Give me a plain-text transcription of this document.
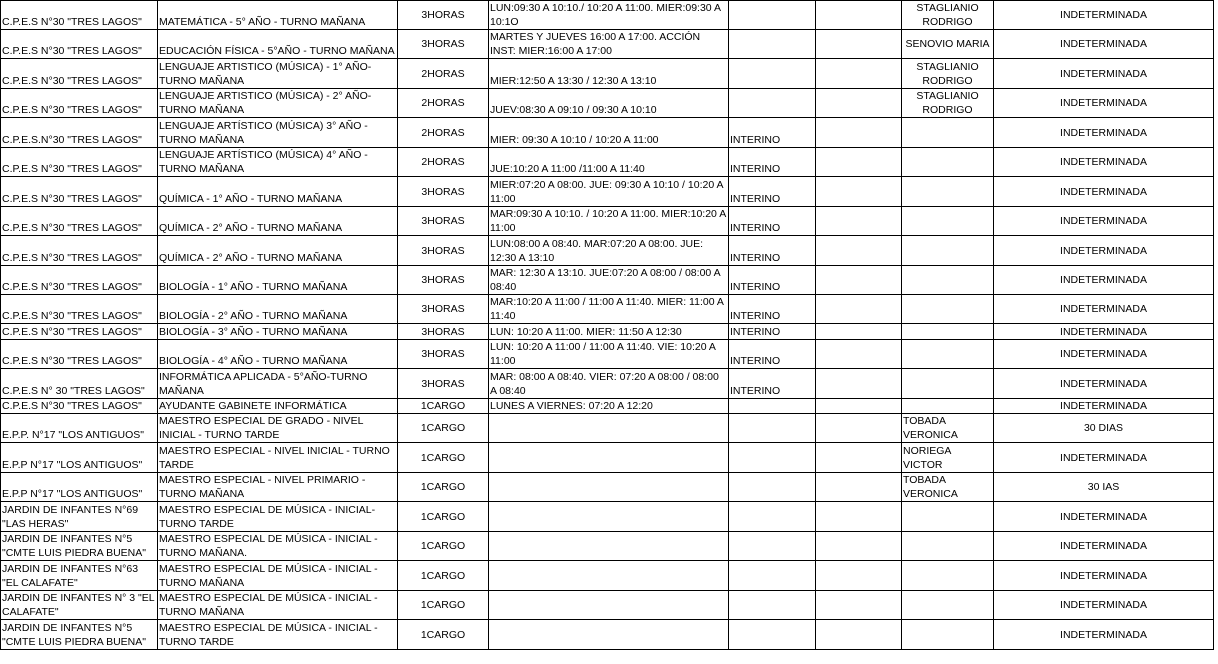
C.P.E.S N°30 "TRES LAGOS"	MATEMÁTICA - 5° AÑO - TURNO MAÑANA	3HORAS	LUN:09:30 A 10:10./ 10:20 A 11:00. MIER:09:30 A 10:1O			STAGLIANIO RODRIGO	INDETERMINADA
C.P.E.S N°30 "TRES LAGOS"	EDUCACIÓN FÍSICA - 5°AÑO - TURNO MAÑANA	3HORAS	MARTES Y JUEVES 16:00 A 17:00. ACCIÓN INST: MIER:16:00 A 17:00			SENOVIO MARIA	INDETERMINADA
C.P.E.S N°30 "TRES LAGOS"	LENGUAJE ARTISTICO (MÚSICA) - 1° AÑO- TURNO MAÑANA	2HORAS	MIER:12:50 A 13:30 / 12:30 A 13:10			STAGLIANIO RODRIGO	INDETERMINADA
C.P.E.S N°30 "TRES LAGOS"	LENGUAJE ARTISTICO (MÚSICA) - 2° AÑO- TURNO MAÑANA	2HORAS	JUEV:08:30 A 09:10 / 09:30 A 10:10			STAGLIANIO RODRIGO	INDETERMINADA
C.P.E.S.N°30 "TRES LAGOS"	LENGUAJE ARTÍSTICO (MÚSICA) 3° AÑO - TURNO MAÑANA	2HORAS	MIER: 09:30 A 10:10 / 10:20 A 11:00	INTERINO			INDETERMINADA
C.P.E.S N°30 "TRES LAGOS"	LENGUAJE ARTÍSTICO (MÚSICA) 4° AÑO - TURNO MAÑANA	2HORAS	JUE:10:20 A 11:00 /11:00 A 11:40	INTERINO			INDETERMINADA
C.P.E.S N°30 "TRES LAGOS"	QUÍMICA - 1° AÑO - TURNO MAÑANA	3HORAS	MIER:07:20 A 08:00. JUE: 09:30 A 10:10 / 10:20 A 11:00	INTERINO			INDETERMINADA
C.P.E.S N°30 "TRES LAGOS"	QUÍMICA - 2° AÑO - TURNO MAÑANA	3HORAS	MAR:09:30 A 10:10. / 10:20 A 11:00. MIER:10:20 A 11:00	INTERINO			INDETERMINADA
C.P.E.S N°30 "TRES LAGOS"	QUÍMICA - 2° AÑO - TURNO MAÑANA	3HORAS	LUN:08:00 A 08:40. MAR:07:20 A 08:00. JUE: 12:30 A 13:10	INTERINO			INDETERMINADA
C.P.E.S N°30 "TRES LAGOS"	BIOLOGÍA - 1° AÑO - TURNO MAÑANA	3HORAS	MAR: 12:30 A 13:10. JUE:07:20 A 08:00 / 08:00 A 08:40	INTERINO			INDETERMINADA
C.P.E.S N°30 "TRES LAGOS"	BIOLOGÍA - 2° AÑO - TURNO MAÑANA	3HORAS	MAR:10:20 A 11:00 / 11:00 A 11:40. MIER: 11:00 A 11:40	INTERINO			INDETERMINADA
C.P.E.S N°30 "TRES LAGOS"	BIOLOGÍA - 3° AÑO - TURNO MAÑANA	3HORAS	LUN: 10:20 A 11:00. MIER: 11:50 A 12:30	INTERINO			INDETERMINADA
C.P.E.S N°30 "TRES LAGOS"	BIOLOGÍA - 4° AÑO - TURNO MAÑANA	3HORAS	LUN: 10:20 A 11:00 / 11:00 A 11:40. VIE: 10:20 A 11:00	INTERINO			INDETERMINADA
C.P.E.S N° 30 "TRES LAGOS"	INFORMÁTICA APLICADA - 5°AÑO-TURNO MAÑANA	3HORAS	MAR: 08:00 A 08:40. VIER: 07:20 A 08:00 / 08:00 A 08:40	INTERINO			INDETERMINADA
C.P.E.S N°30 "TRES LAGOS"	AYUDANTE GABINETE INFORMÁTICA	1CARGO	LUNES A VIERNES: 07:20 A 12:20				INDETERMINADA
E.P.P. N°17 "LOS ANTIGUOS"	MAESTRO ESPECIAL DE GRADO - NIVEL INICIAL - TURNO TARDE	1CARGO				TOBADA VERONICA	30 DIAS
E.P.P N°17 "LOS ANTIGUOS"	MAESTRO ESPECIAL - NIVEL INICIAL - TURNO TARDE	1CARGO				NORIEGA VICTOR	INDETERMINADA
E.P.P N°17 "LOS ANTIGUOS"	MAESTRO ESPECIAL - NIVEL PRIMARIO - TURNO MAÑANA	1CARGO				TOBADA VERONICA	30 IAS
JARDIN DE INFANTES N°69 "LAS HERAS"	MAESTRO ESPECIAL DE MÚSICA - INICIAL- TURNO TARDE	1CARGO					INDETERMINADA
JARDIN DE INFANTES N°5 "CMTE LUIS PIEDRA BUENA"	MAESTRO ESPECIAL DE MÚSICA - INICIAL - TURNO MAÑANA.	1CARGO					INDETERMINADA
JARDIN DE INFANTES N°63 "EL CALAFATE"	MAESTRO ESPECIAL DE MÚSICA - INICIAL - TURNO MAÑANA	1CARGO					INDETERMINADA
JARDIN DE INFANTES N° 3 "EL CALAFATE"	MAESTRO ESPECIAL DE MÚSICA - INICIAL - TURNO MAÑANA	1CARGO					INDETERMINADA
JARDIN DE INFANTES N°5 "CMTE LUIS PIEDRA BUENA"	MAESTRO ESPECIAL DE MÚSICA - INICIAL - TURNO TARDE	1CARGO					INDETERMINADA
